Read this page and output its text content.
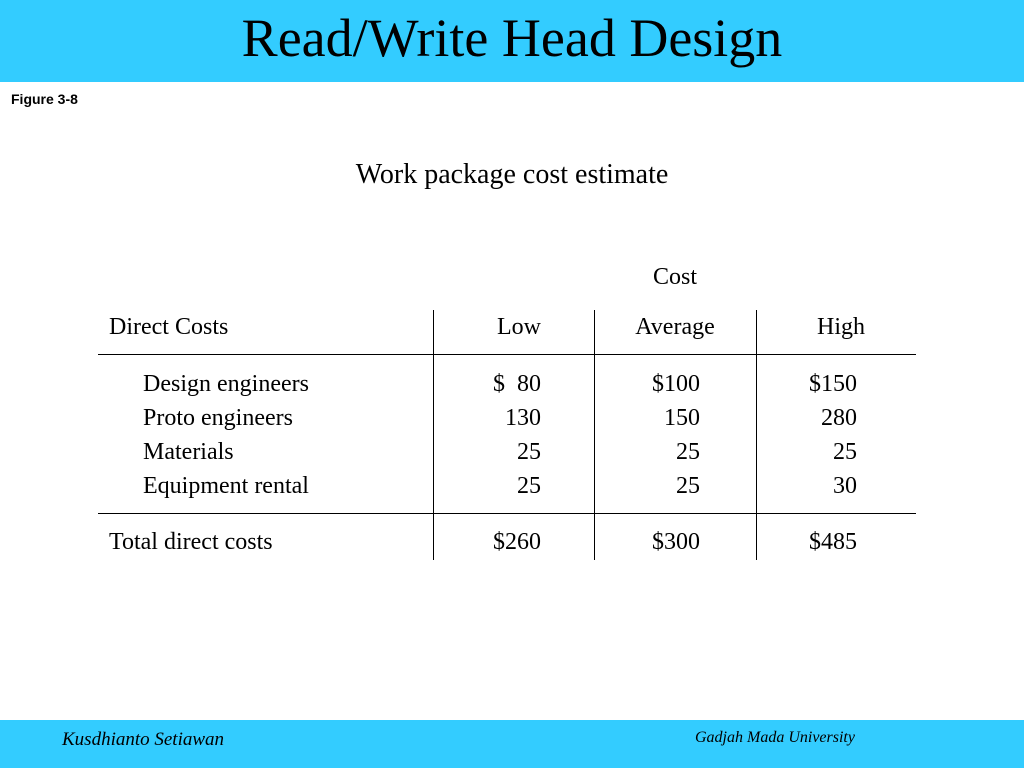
Read/Write Head Design
Figure 3-8
Work package cost estimate
Cost
Direct Costs	Low	Average	High
Design engineers	$  80	$100	$150
Proto engineers	130	150	280
Materials	25	25	25
Equipment rental	25	25	30
Total direct costs	$260	$300	$485
Kusdhianto Setiawan	Gadjah Mada University
